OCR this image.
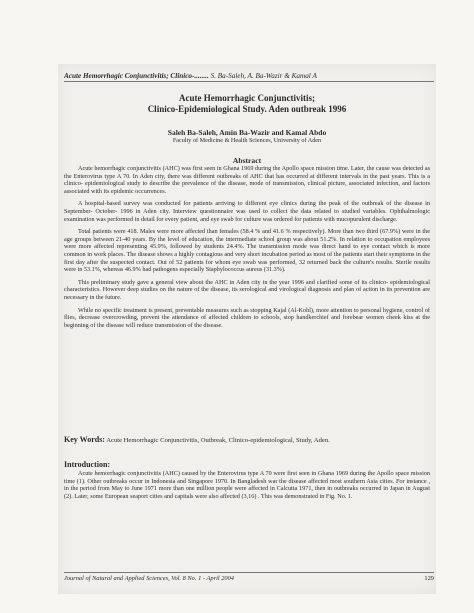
Acute Hemorrhagic Conjunctivitis; Clinico-........ S. Ba-Saleh, A. Ba-Wazir & Kamal A
Acute Hemorrhagic Conjunctivitis;
Clinico-Epidemiological Study. Aden outbreak 1996
Saleh Ba-Saleh, Amin Ba-Wazir and Kamal Abdo
Faculty of Medicine & Health Sciences, University of Aden
Abstract

Acute hemorrhagic conjunctivitis (AHC) was first seen in Ghana 1969 during the Apollo space mission time. Later, the cause was detected as the Enterovirus type A 70. In Aden city, there was different outbreaks of AHC that has occurred at different intervals in the past years. This is a clinico- epidemiological study to describe the prevalence of the disease, mode of transmission, clinical picture, associated infection, and factors associated with its epidemic occurrences.

A hospital-based survey was conducted for patients arriving to different eye clinics during the peak of the outbreak of the disease in September- October- 1996 in Aden city. Interview questionnaire was used to collect the data related to studied variables. Ophthalmologic examination was performed in detail for every patient, and eye swab for culture was ordered for patients with mucopurulent discharge.

Total patients were 418. Males were more affected than females (58.4 % and 41.6 % respectively). More than two third (67.9%) were in the age groups between 21-40 years. By the level of education, the intermediate school group was about 51.2%. In relation to occupation employees were more affected representing 45.9%, followed by students 24.4%. The transmission mode was direct hand to eye contact which is more common in work places. The disease shows a highly contagious and very short incubation period as most of the patients start their symptoms in the first day after the suspected contact. Out of 52 patients for whom eye swab was performed, 32 returned back the culture's results. Sterile results were in 53.1%, whereas 46.9% had pathogens especially Staphylococcus aureus (31.3%).

This preliminary study gave a general view about the AHC in Aden city in the year 1996 and clarified some of its clinico- epidemiological characteristics. However deep studies on the nature of the disease, its serological and virological diagnosis and plan of action in its prevention are necessary in the future.

While no specific treatment is present, preventable measures such as stopping Kajal (Al-Kohl), more attention to personal hygiene, control of flies, decrease overcrowding, prevent the attendance of affected children to schools, stop handkerchief and forebear women cheek kiss at the beginning of the disease will reduce transmission of the disease.

Key Words: Acute Hemorrhagic Conjunctivitis, Outbreak, Clinico-epidemiological, Study, Aden.
Introduction:

Acute hemorrhagic conjunctivitis (AHC) caused by the Enterovirus type A 70 were first seen in Ghana 1969 during the Apollo space mission time (1). Other outbreaks occur in Indonesia and Singapore 1970. In Bangladesh war the disease affected most southern Asia cities. For instance , in the period from May to June 1971 more than one million people were affected in Calcutta 1971, then in outbreaks occurred in Japan in August (2). Later, some European seaport cities and capitals were also affected (3,16) . This was demonstrated in Fig. No. 1.

Journal of Natural and Applied Sciences, Vol. 8 No. 1 - April 2004	129
